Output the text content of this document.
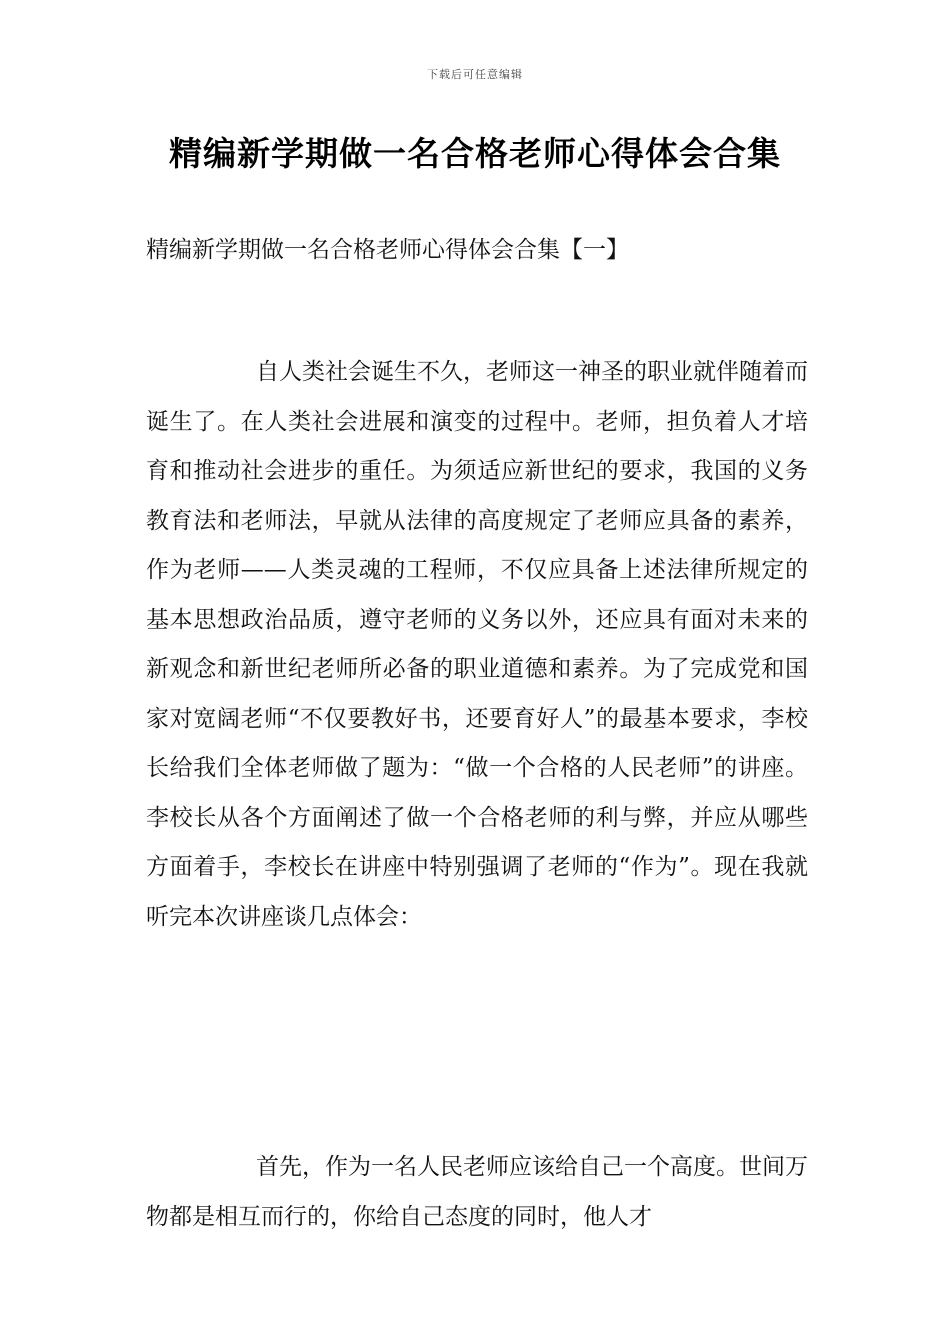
下载后可任意编辑
精编新学期做一名合格老师心得体会合集
精编新学期做一名合格老师心得体会合集【一】

自人类社会诞生不久，老师这一神圣的职业就伴随着而诞生了。在人类社会进展和演变的过程中。老师，担负着人才培育和推动社会进步的重任。为须适应新世纪的要求，我国的义务教育法和老师法，早就从法律的高度规定了老师应具备的素养，作为老师——人类灵魂的工程师，不仅应具备上述法律所规定的基本思想政治品质，遵守老师的义务以外，还应具有面对未来的新观念和新世纪老师所必备的职业道德和素养。为了完成党和国家对宽阔老师“不仅要教好书，还要育好人”的最基本要求，李校长给我们全体老师做了题为：“做一个合格的人民老师”的讲座。李校长从各个方面阐述了做一个合格老师的利与弊，并应从哪些方面着手，李校长在讲座中特别强调了老师的“作为”。现在我就听完本次讲座谈几点体会：

首先，作为一名人民老师应该给自己一个高度。世间万物都是相互而行的，你给自己态度的同时，他人才
